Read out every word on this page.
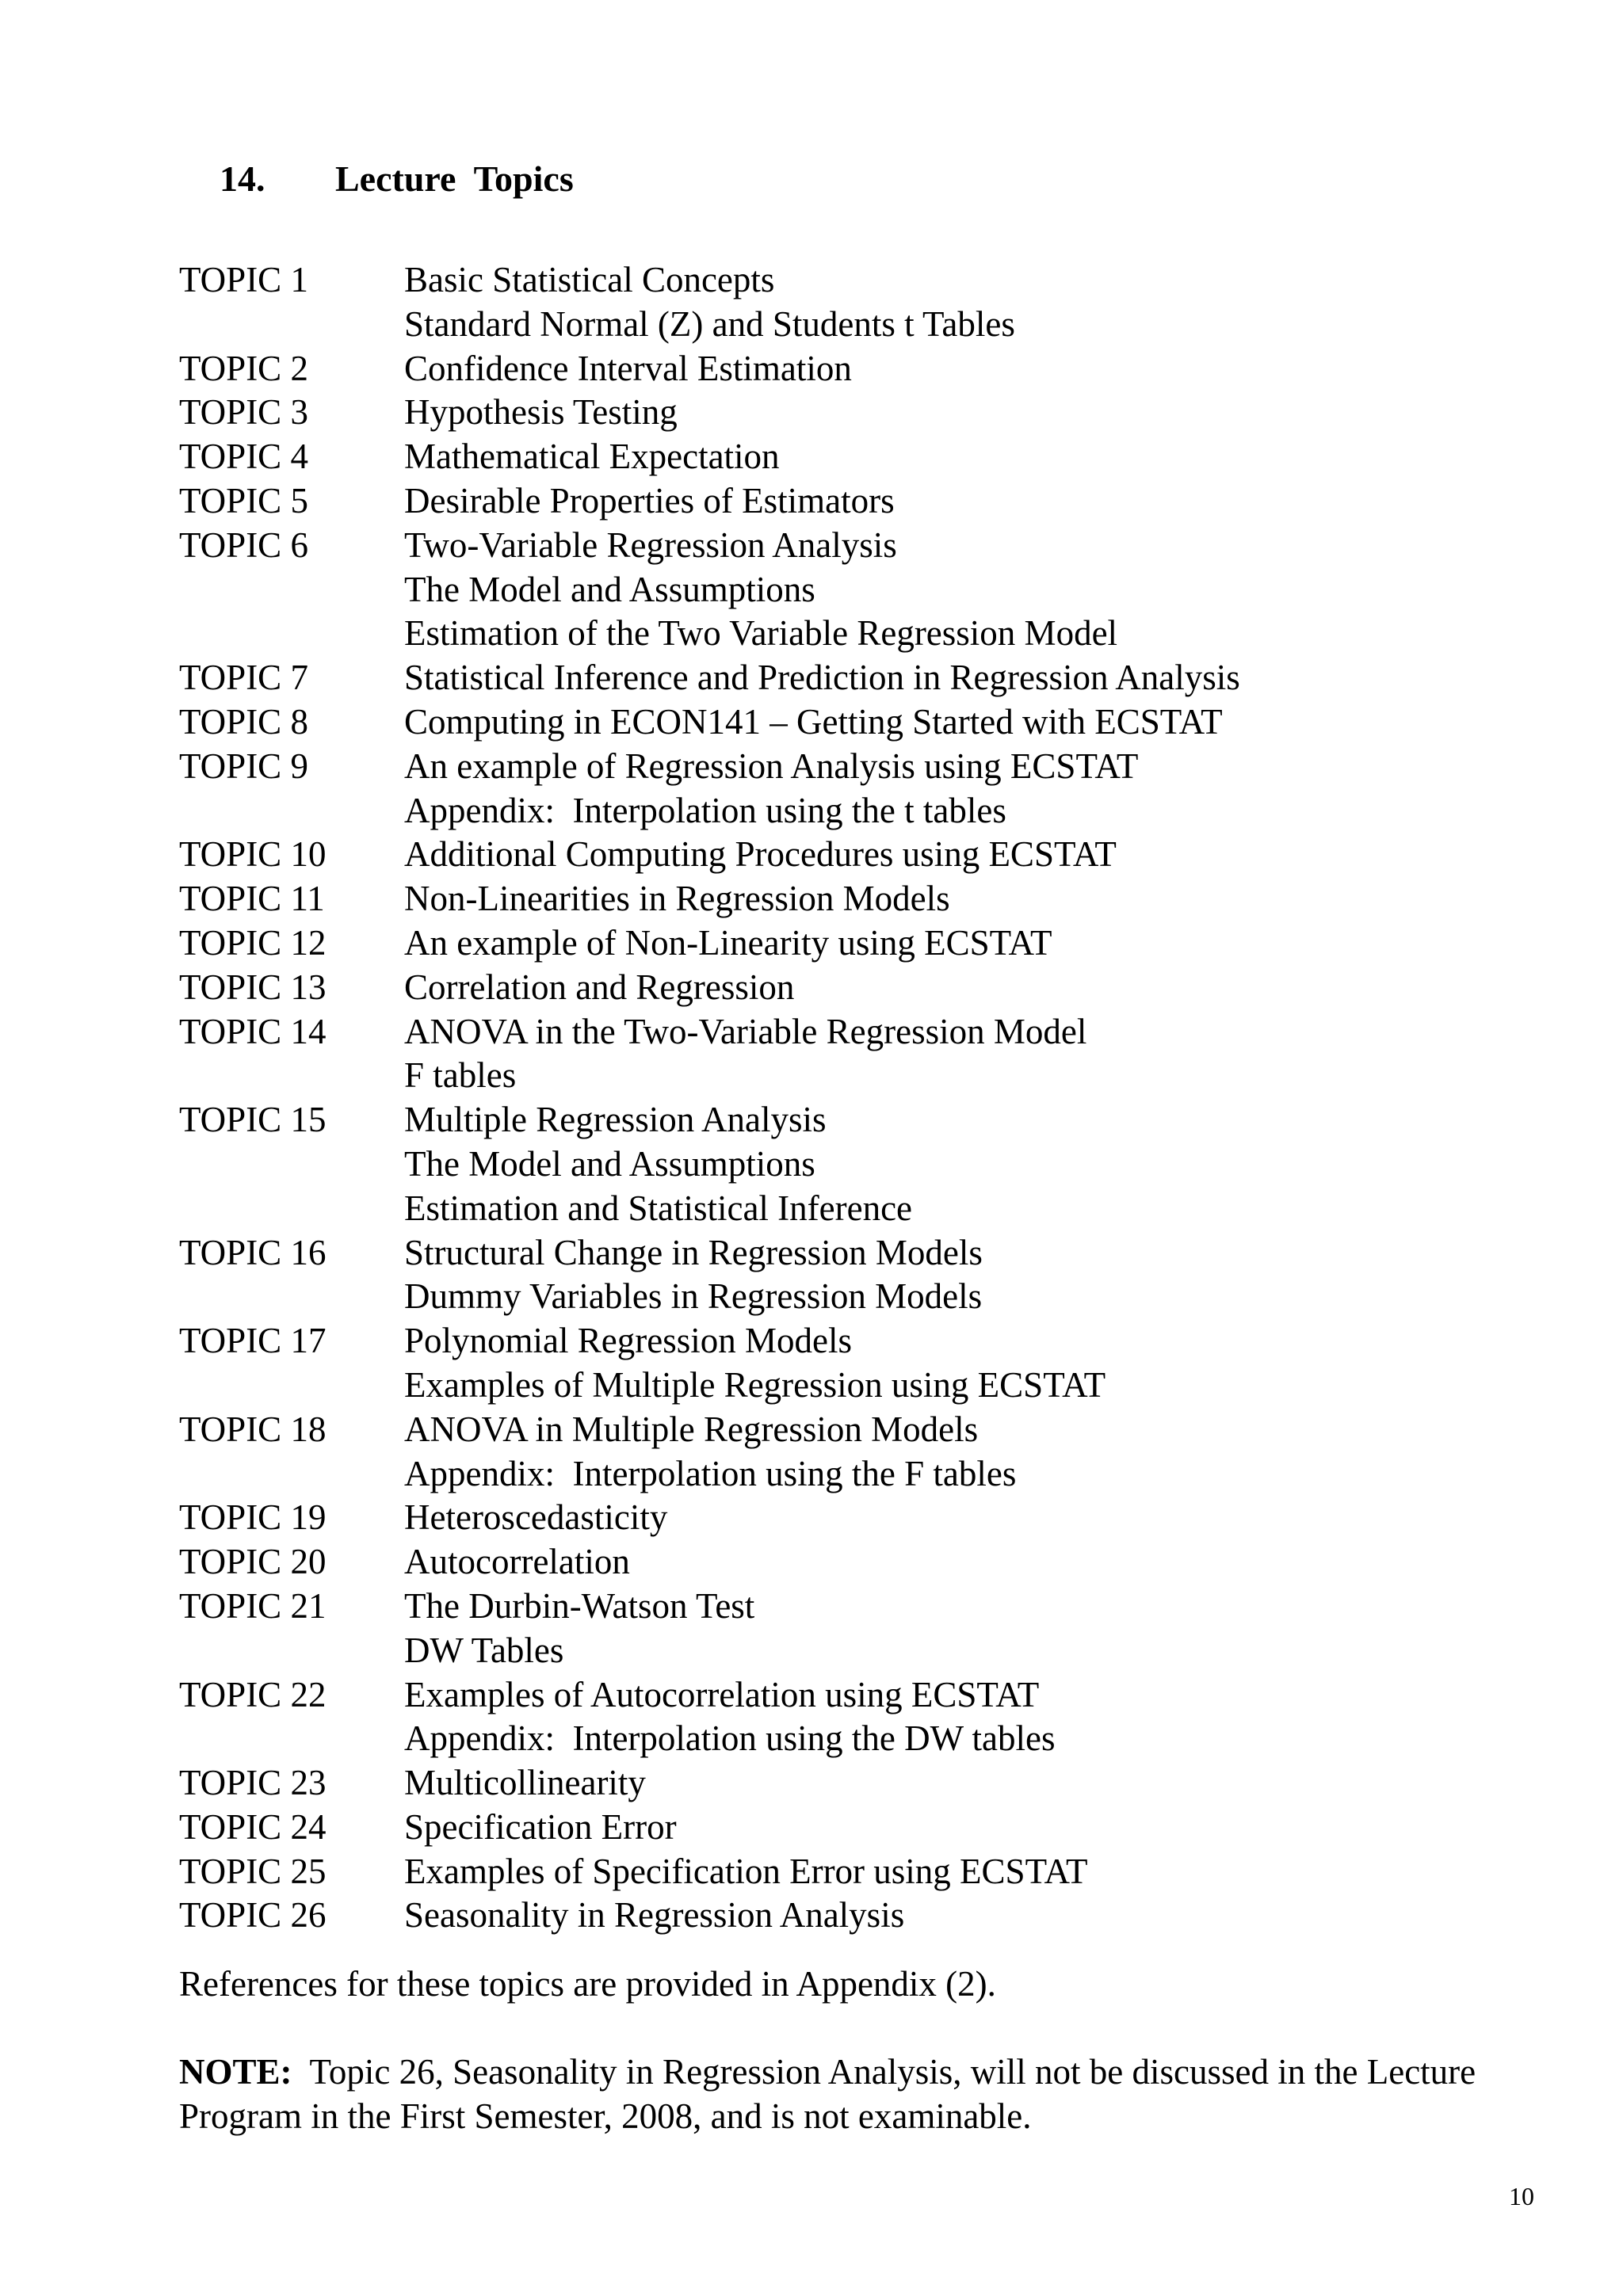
14. Lecture  Topics
TOPIC 1	Basic Statistical Concepts
Standard Normal (Z) and Students t Tables
TOPIC 2	Confidence Interval Estimation
TOPIC 3	Hypothesis Testing
TOPIC 4	Mathematical Expectation
TOPIC 5	Desirable Properties of Estimators
TOPIC 6	Two-Variable Regression Analysis
The Model and Assumptions
Estimation of the Two Variable Regression Model
TOPIC 7	Statistical Inference and Prediction in Regression Analysis
TOPIC 8	Computing in ECON141 – Getting Started with ECSTAT
TOPIC 9	An example of Regression Analysis using ECSTAT
Appendix:  Interpolation using the t tables
TOPIC 10	Additional Computing Procedures using ECSTAT
TOPIC 11	Non-Linearities in Regression Models
TOPIC 12	An example of Non-Linearity using ECSTAT
TOPIC 13	Correlation and Regression
TOPIC 14	ANOVA in the Two-Variable Regression Model
F tables
TOPIC 15	Multiple Regression Analysis
The Model and Assumptions
Estimation and Statistical Inference
TOPIC 16	Structural Change in Regression Models
Dummy Variables in Regression Models
TOPIC 17	Polynomial Regression Models
Examples of Multiple Regression using ECSTAT
TOPIC 18	ANOVA in Multiple Regression Models
Appendix:  Interpolation using the F tables
TOPIC 19	Heteroscedasticity
TOPIC 20	Autocorrelation
TOPIC 21	The Durbin-Watson Test
DW Tables
TOPIC 22	Examples of Autocorrelation using ECSTAT
Appendix:  Interpolation using the DW tables
TOPIC 23	Multicollinearity
TOPIC 24	Specification Error
TOPIC 25	Examples of Specification Error using ECSTAT
TOPIC 26	Seasonality in Regression Analysis
References for these topics are provided in Appendix (2).
NOTE: Topic 26, Seasonality in Regression Analysis, will not be discussed in the Lecture Program in the First Semester, 2008, and is not examinable.
10
